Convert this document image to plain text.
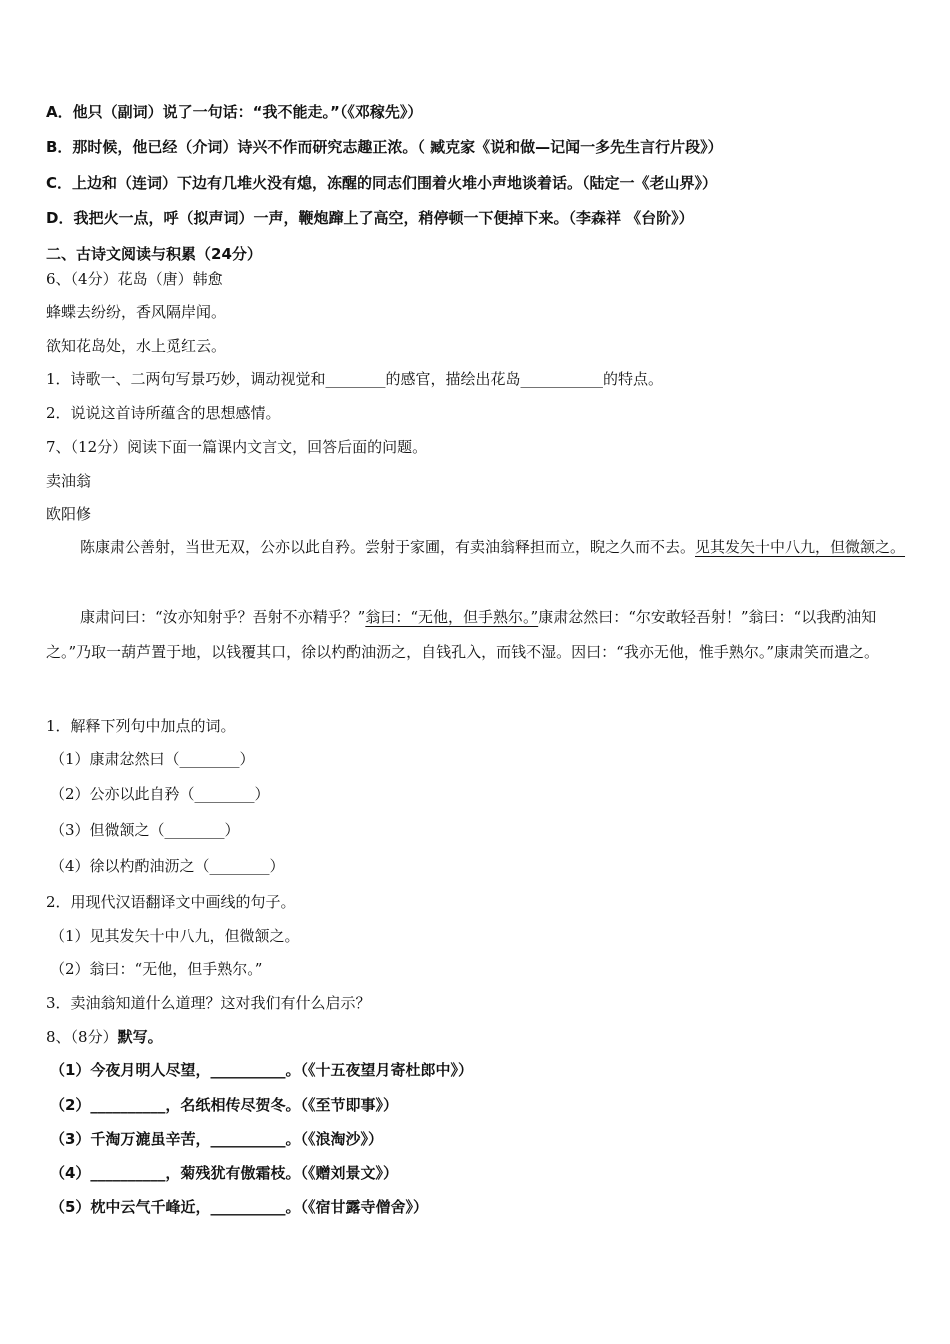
A．他只（副词）说了一句话：“我不能走。”（《邓稼先》）
B．那时候，他已经（介词）诗兴不作而研究志趣正浓。（ 臧克家《说和做—记闻一多先生言行片段》）
C．上边和（连词）下边有几堆火没有熄，冻醒的同志们围着火堆小声地谈着话。（陆定一《老山界》）
D．我把火一点，呼（拟声词）一声，鞭炮蹿上了高空，稍停顿一下便掉下来。（李森祥 《台阶》）
二、古诗文阅读与积累（24分）
6、（4分）花岛（唐）韩愈
蜂蝶去纷纷，香风隔岸闻。
欲知花岛处，水上觅红云。
1．诗歌一、二两句写景巧妙，调动视觉和________的感官，描绘出花岛___________的特点。
2．说说这首诗所蕴含的思想感情。
7、（12分）阅读下面一篇课内文言文，回答后面的问题。
卖油翁
欧阳修
陈康肃公善射，当世无双，公亦以此自矜。尝射于家圃，有卖油翁释担而立，睨之久而不去。见其发矢十中八九，但微颔之。
康肃问曰：“汝亦知射乎？吾射不亦精乎？”翁曰：“无他，但手熟尔。”康肃忿然曰：“尔安敢轻吾射！”翁曰：“以我酌油知之。”乃取一葫芦置于地，以钱覆其口，徐以杓酌油沥之，自钱孔入，而钱不湿。因曰：“我亦无他，惟手熟尔。”康肃笑而遣之。
1．解释下列句中加点的词。
（1）康肃忿然曰（________）
（2）公亦以此自矜（________）
（3）但微颔之（________）
（4）徐以杓酌油沥之（________）
2．用现代汉语翻译文中画线的句子。
（1）见其发矢十中八九，但微颔之。
（2）翁曰：“无他，但手熟尔。”
3．卖油翁知道什么道理？这对我们有什么启示？
8、（8分）默写。
（1）今夜月明人尽望，__________。（《十五夜望月寄杜郎中》）
（2）__________，名纸相传尽贺冬。（《至节即事》）
（3）千淘万漉虽辛苦，__________。（《浪淘沙》）
（4）__________，菊残犹有傲霜枝。（《赠刘景文》）
（5）枕中云气千峰近，__________。（《宿甘露寺僧舍》）
